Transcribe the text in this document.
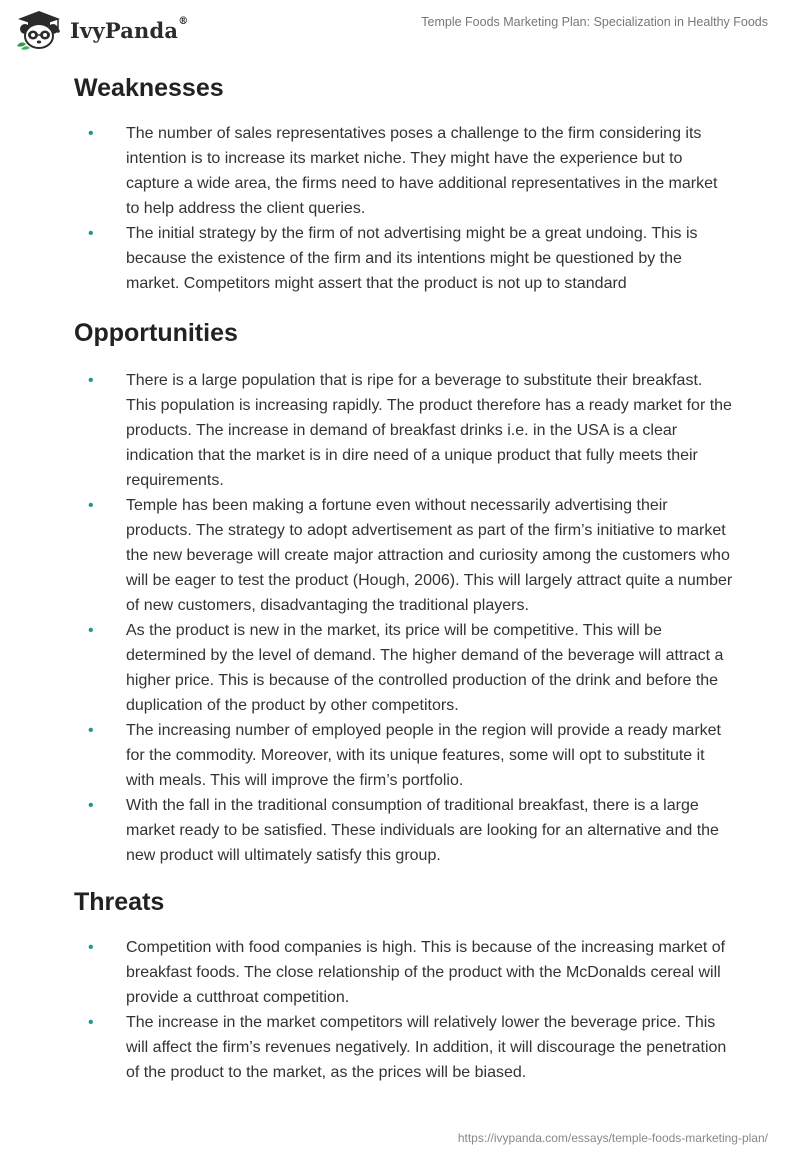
IvyPanda®	Temple Foods Marketing Plan: Specialization in Healthy Foods
Weaknesses
• The number of sales representatives poses a challenge to the firm considering its intention is to increase its market niche. They might have the experience but to capture a wide area, the firms need to have additional representatives in the market to help address the client queries.
• The initial strategy by the firm of not advertising might be a great undoing. This is because the existence of the firm and its intentions might be questioned by the market. Competitors might assert that the product is not up to standard
Opportunities
• There is a large population that is ripe for a beverage to substitute their breakfast. This population is increasing rapidly. The product therefore has a ready market for the products. The increase in demand of breakfast drinks i.e. in the USA is a clear indication that the market is in dire need of a unique product that fully meets their requirements.
• Temple has been making a fortune even without necessarily advertising their products. The strategy to adopt advertisement as part of the firm’s initiative to market the new beverage will create major attraction and curiosity among the customers who will be eager to test the product (Hough, 2006). This will largely attract quite a number of new customers, disadvantaging the traditional players.
• As the product is new in the market, its price will be competitive. This will be determined by the level of demand. The higher demand of the beverage will attract a higher price. This is because of the controlled production of the drink and before the duplication of the product by other competitors.
• The increasing number of employed people in the region will provide a ready market for the commodity. Moreover, with its unique features, some will opt to substitute it with meals. This will improve the firm’s portfolio.
• With the fall in the traditional consumption of traditional breakfast, there is a large market ready to be satisfied. These individuals are looking for an alternative and the new product will ultimately satisfy this group.
Threats
• Competition with food companies is high. This is because of the increasing market of breakfast foods. The close relationship of the product with the McDonalds cereal will provide a cutthroat competition.
• The increase in the market competitors will relatively lower the beverage price. This will affect the firm’s revenues negatively. In addition, it will discourage the penetration of the product to the market, as the prices will be biased.
https://ivypanda.com/essays/temple-foods-marketing-plan/
